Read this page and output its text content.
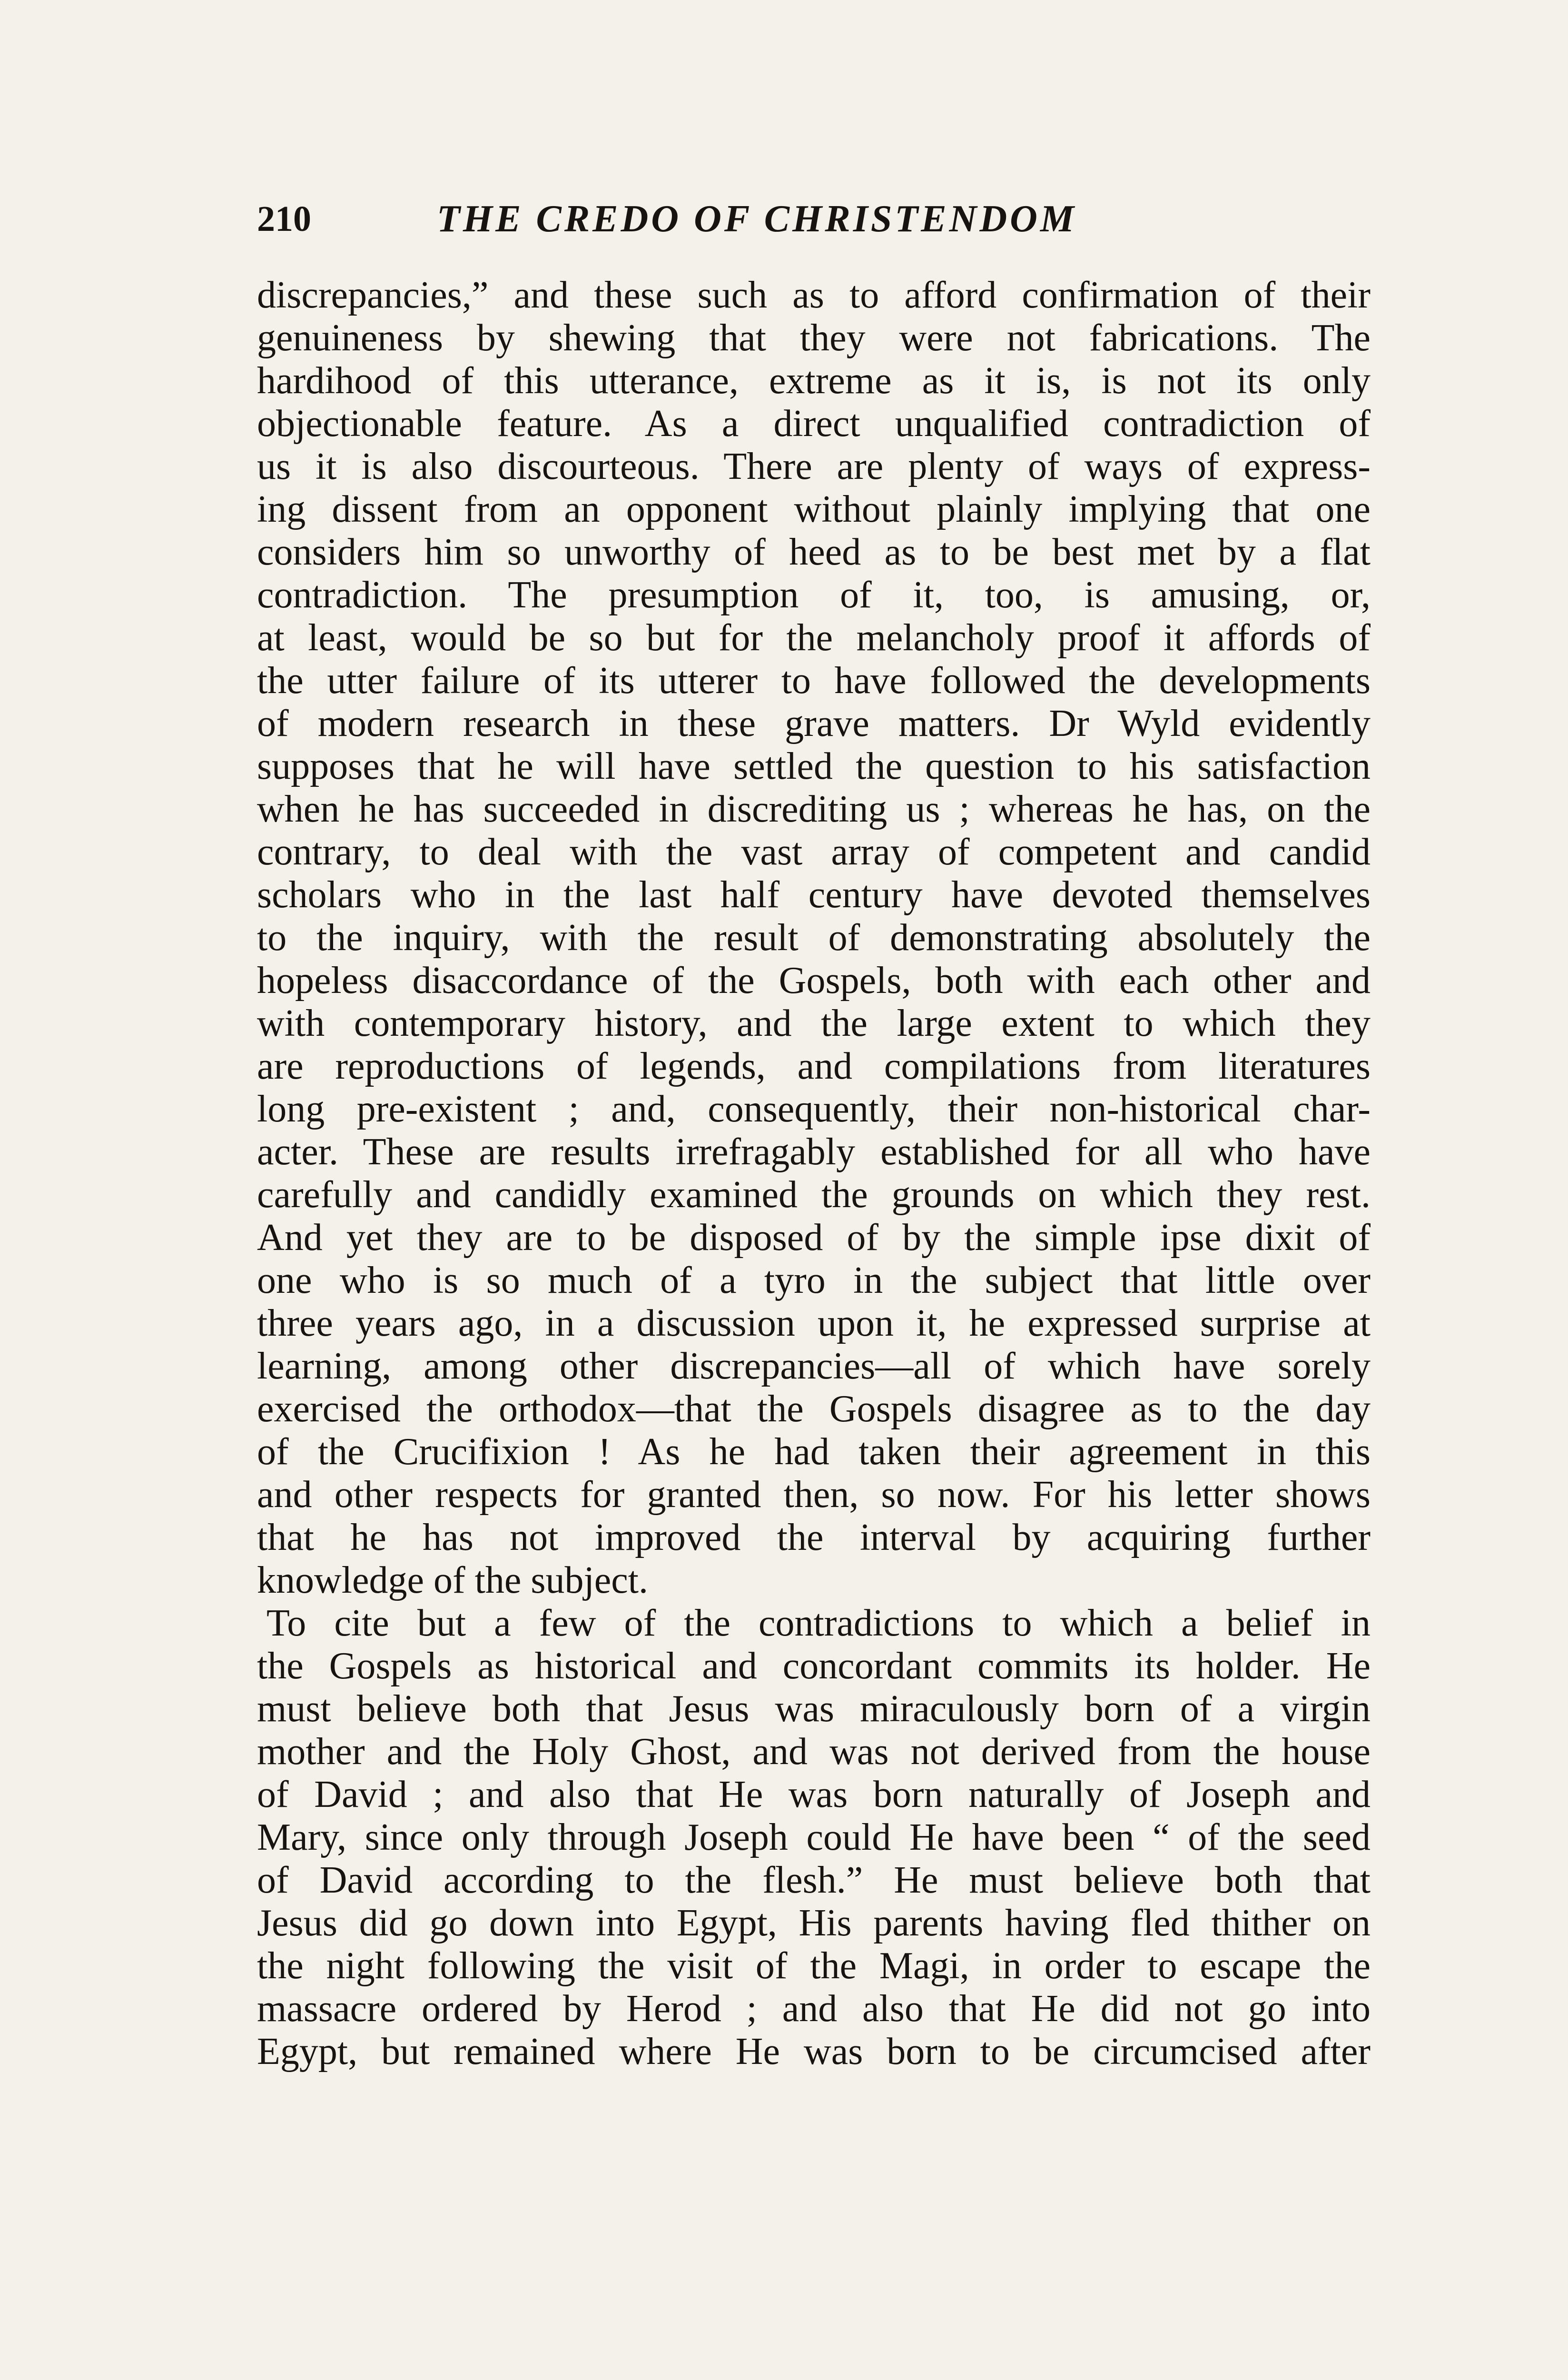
210	THE CREDO OF CHRISTENDOM
discrepancies,” and these such as to afford confirmation of their
genuineness by shewing that they were not fabrications. The
hardihood of this utterance, extreme as it is, is not its only
objectionable feature. As a direct unqualified contradiction of
us it is also discourteous. There are plenty of ways of express-
ing dissent from an opponent without plainly implying that one
considers him so unworthy of heed as to be best met by a flat
contradiction. The presumption of it, too, is amusing, or,
at least, would be so but for the melancholy proof it affords of
the utter failure of its utterer to have followed the developments
of modern research in these grave matters. Dr Wyld evidently
supposes that he will have settled the question to his satisfaction
when he has succeeded in discrediting us ; whereas he has, on the
contrary, to deal with the vast array of competent and candid
scholars who in the last half century have devoted themselves
to the inquiry, with the result of demonstrating absolutely the
hopeless disaccordance of the Gospels, both with each other and
with contemporary history, and the large extent to which they
are reproductions of legends, and compilations from literatures
long pre-existent ; and, consequently, their non-historical char-
acter. These are results irrefragably established for all who have
carefully and candidly examined the grounds on which they rest.
And yet they are to be disposed of by the simple ipse dixit of
one who is so much of a tyro in the subject that little over
three years ago, in a discussion upon it, he expressed surprise at
learning, among other discrepancies—all of which have sorely
exercised the orthodox—that the Gospels disagree as to the day
of the Crucifixion ! As he had taken their agreement in this
and other respects for granted then, so now. For his letter shows
that he has not improved the interval by acquiring further
knowledge of the subject.
To cite but a few of the contradictions to which a belief in
the Gospels as historical and concordant commits its holder. He
must believe both that Jesus was miraculously born of a virgin
mother and the Holy Ghost, and was not derived from the house
of David ; and also that He was born naturally of Joseph and
Mary, since only through Joseph could He have been “ of the seed
of David according to the flesh.” He must believe both that
Jesus did go down into Egypt, His parents having fled thither on
the night following the visit of the Magi, in order to escape the
massacre ordered by Herod ; and also that He did not go into
Egypt, but remained where He was born to be circumcised after
